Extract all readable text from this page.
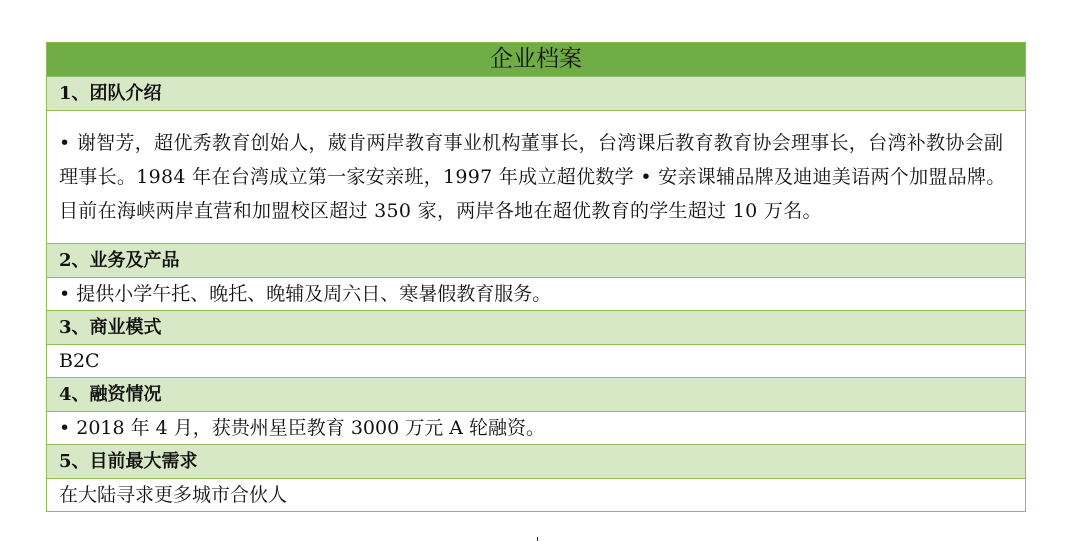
企业档案
1、团队介绍
• 谢智芳，超优秀教育创始人，葳肯两岸教育事业机构董事长，台湾课后教育教育协会理事长，台湾补教协会副理事长。1984 年在台湾成立第一家安亲班，1997 年成立超优数学 • 安亲课辅品牌及迪迪美语两个加盟品牌。目前在海峡两岸直营和加盟校区超过 350 家，两岸各地在超优教育的学生超过 10 万名。
2、业务及产品
• 提供小学午托、晚托、晚辅及周六日、寒暑假教育服务。
3、商业模式
B2C
4、融资情况
• 2018 年 4 月，获贵州星臣教育 3000 万元 A 轮融资。
5、目前最大需求
在大陆寻求更多城市合伙人
